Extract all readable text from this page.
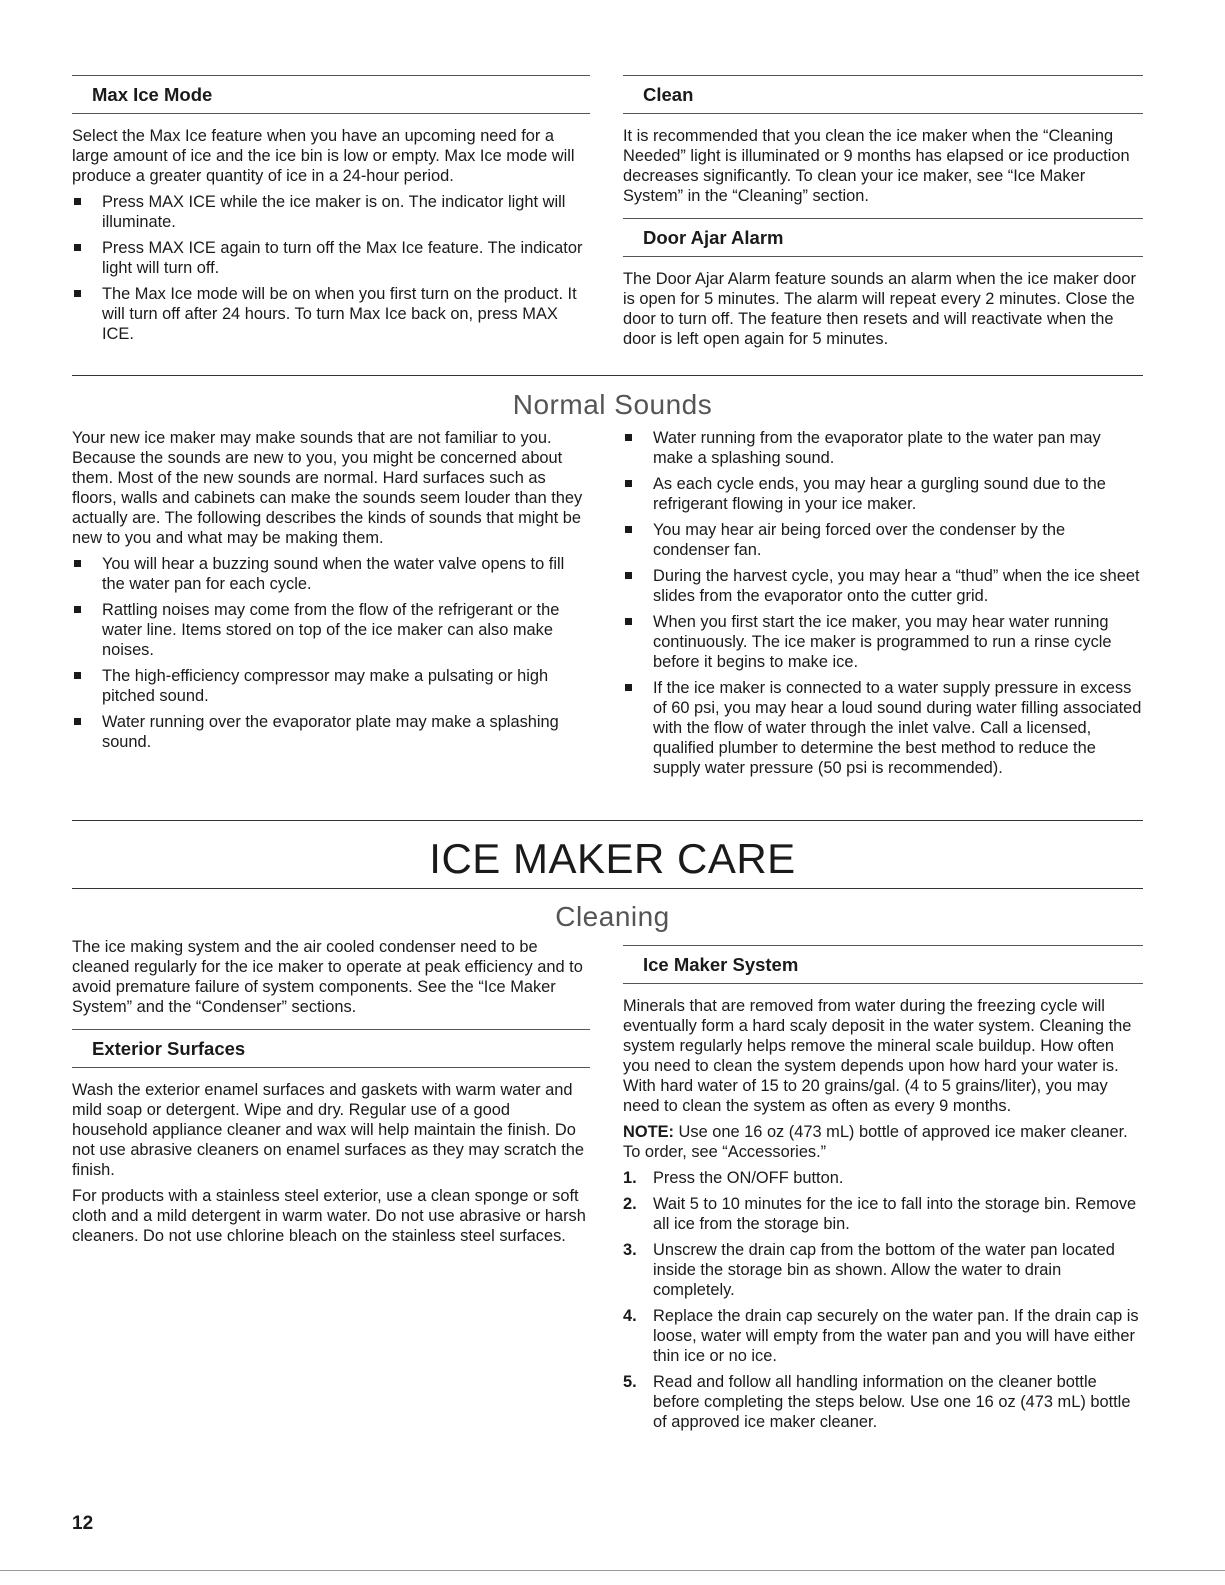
Max Ice Mode

Select the Max Ice feature when you have an upcoming need for a large amount of ice and the ice bin is low or empty. Max Ice mode will produce a greater quantity of ice in a 24-hour period.

Press MAX ICE while the ice maker is on. The indicator light will illuminate.
Press MAX ICE again to turn off the Max Ice feature. The indicator light will turn off.
The Max Ice mode will be on when you first turn on the product. It will turn off after 24 hours. To turn Max Ice back on, press MAX ICE.
Clean

It is recommended that you clean the ice maker when the “Cleaning Needed” light is illuminated or 9 months has elapsed or ice production decreases significantly. To clean your ice maker, see “Ice Maker System” in the “Cleaning” section.

Door Ajar Alarm

The Door Ajar Alarm feature sounds an alarm when the ice maker door is open for 5 minutes. The alarm will repeat every 2 minutes. Close the door to turn off. The feature then resets and will reactivate when the door is left open again for 5 minutes.

Normal Sounds

Your new ice maker may make sounds that are not familiar to you. Because the sounds are new to you, you might be concerned about them. Most of the new sounds are normal. Hard surfaces such as floors, walls and cabinets can make the sounds seem louder than they actually are. The following describes the kinds of sounds that might be new to you and what may be making them.

You will hear a buzzing sound when the water valve opens to fill the water pan for each cycle.
Rattling noises may come from the flow of the refrigerant or the water line. Items stored on top of the ice maker can also make noises.
The high-efficiency compressor may make a pulsating or high pitched sound.
Water running over the evaporator plate may make a splashing sound.
Water running from the evaporator plate to the water pan may make a splashing sound.
As each cycle ends, you may hear a gurgling sound due to the refrigerant flowing in your ice maker.
You may hear air being forced over the condenser by the condenser fan.
During the harvest cycle, you may hear a “thud” when the ice sheet slides from the evaporator onto the cutter grid.
When you first start the ice maker, you may hear water running continuously. The ice maker is programmed to run a rinse cycle before it begins to make ice.
If the ice maker is connected to a water supply pressure in excess of 60 psi, you may hear a loud sound during water filling associated with the flow of water through the inlet valve. Call a licensed, qualified plumber to determine the best method to reduce the supply water pressure (50 psi is recommended).
ICE MAKER CARE
Cleaning

The ice making system and the air cooled condenser need to be cleaned regularly for the ice maker to operate at peak efficiency and to avoid premature failure of system components. See the “Ice Maker System” and the “Condenser” sections.

Exterior Surfaces

Wash the exterior enamel surfaces and gaskets with warm water and mild soap or detergent. Wipe and dry. Regular use of a good household appliance cleaner and wax will help maintain the finish. Do not use abrasive cleaners on enamel surfaces as they may scratch the finish.

For products with a stainless steel exterior, use a clean sponge or soft cloth and a mild detergent in warm water. Do not use abrasive or harsh cleaners. Do not use chlorine bleach on the stainless steel surfaces.

Ice Maker System

Minerals that are removed from water during the freezing cycle will eventually form a hard scaly deposit in the water system. Cleaning the system regularly helps remove the mineral scale buildup. How often you need to clean the system depends upon how hard your water is. With hard water of 15 to 20 grains/gal. (4 to 5 grains/liter), you may need to clean the system as often as every 9 months.

NOTE: Use one 16 oz (473 mL) bottle of approved ice maker cleaner. To order, see “Accessories.”

1. Press the ON/OFF button.
2. Wait 5 to 10 minutes for the ice to fall into the storage bin. Remove all ice from the storage bin.
3. Unscrew the drain cap from the bottom of the water pan located inside the storage bin as shown. Allow the water to drain completely.
4. Replace the drain cap securely on the water pan. If the drain cap is loose, water will empty from the water pan and you will have either thin ice or no ice.
5. Read and follow all handling information on the cleaner bottle before completing the steps below. Use one 16 oz (473 mL) bottle of approved ice maker cleaner.
12
